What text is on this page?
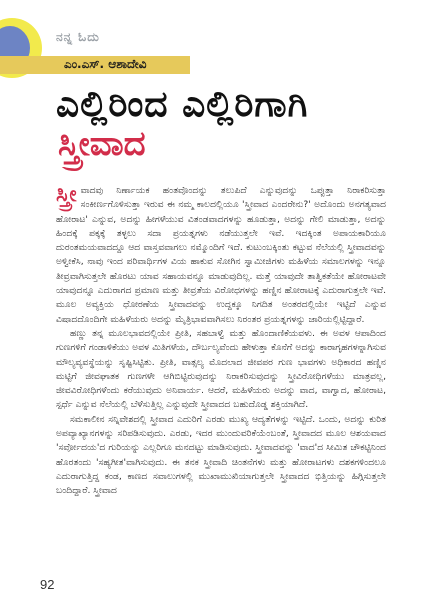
ನನ್ನ ಓದು
ಎಂ.ಎಸ್. ಆಶಾದೇವಿ
ಎಲ್ಲಿರಿಂದ ಎಲ್ಲಿರಿಗಾಗಿ
ಸ್ತ್ರೀವಾದ

ಸ್ತ್ರೀ ವಾದವು ನಿರ್ಣಾಯಕ ಹಂತವೊಂದನ್ನು ತಲುಪಿದೆ ಎನ್ನುವುದನ್ನು ಒಪ್ಪುತ್ತಾ ನಿರಾಕರಿಸುತ್ತಾ ಸಂಕೀರ್ಣಗೊಳಿಸುತ್ತಾ ಇರುವ ಈ ನಮ್ಮ ಕಾಲದಲ್ಲಿಯೂ 'ಸ್ತ್ರೀವಾದ ಎಂದರೇನು?' ಅದೊಂದು ಅನಗತ್ಯವಾದ ಹೋರಾಟ' ಎನ್ನುವ, ಅದನ್ನು ಹೀಗಳೆಯುವ ವಿತಂಡವಾದಗಳನ್ನು ಹೂಡುತ್ತಾ, ಅದನ್ನು ಗೇಲಿ ಮಾಡುತ್ತಾ, ಅದನ್ನು ಹಿಂದಕ್ಕೆ ಪಕ್ಕಕ್ಕೆ ತಳ್ಳಲು ಸದಾ ಪ್ರಯತ್ನಗಳು ನಡೆಯುತ್ತಲೇ ಇವೆ. ಇದಕ್ಕಿಂತ ಅಪಾಯಕಾರಿಯೂ ದುರಂತಮಯವಾದದ್ದೂ ಆದ ವಾಸ್ತವವಾಗಲು ನಮ್ಮೊಂದಿಗೆ ಇದೆ. ಕುಟುಂಬಕ್ಕಿಂತು ಕಟ್ಟುವ ನೆಲೆಯಲ್ಲಿ ಸ್ತ್ರೀವಾದವನ್ನು ಅಳ್ವೀಕೆಸಿ, ನಾವು ಇಂದ ಪರಿವಾರ್ಥಿಗಳ ವಿಯ ಹಾಕುವ ಸೋಗಿನ ಸ್ವಾಮೀಜಿಗಳು ಮಹಿಳೆಯ ಸಮಾಲಗಳನ್ನು ಇನ್ನೂ ತೀವ್ರವಾಗಿಸುತ್ತಲೇ ಹೊರಟು ಯಾವ ಸಹಾಯವನ್ನೂ ಮಾಡುವುದಿಲ್ಲ. ಮತ್ತೆ ಯಾವುದೇ ತಾತ್ವಿಕತೆಯೇ ಹೋರಾಟವೇ ಯಾವುದನ್ನೂ ಎದುರಾಗದ ಪ್ರಮಾಣ ಮತ್ತು ತೀವ್ರತೆಯ ವಿರೋಧಗಳನ್ನು ಹಣ್ಣಿನ ಹೋರಾಟಕ್ಕೆ ಎದುರಾಗುತ್ತಲೇ ಇವೆ. ಮೂಲ ಅವ್ಯಕ್ತಿಯ ಧೋರಣೆಯ ಸ್ತ್ರೀವಾದವನ್ನು ಉದ್ದಕ್ಕೂ ನಿಗದಿತ ಅಂತರದಲ್ಲಿಯೇ ಇಟ್ಟಿದೆ ಎನ್ನುವ ವಿಷಾದದೊಂದಿಗೇ ಮಹಿಳೆಯರು ಅದನ್ನು ಮೈತ್ರಿಭಾವವಾಗಿಸಲು ನಿರಂತರ ಪ್ರಯತ್ನಗಳನ್ನು ಜಾರಿಯಲ್ಲಿಟ್ಟಿದ್ದಾರೆ.

ಹಣ್ಣು ತನ್ನ ಮೂಲಭಾವದಲ್ಲಿಯೇ ಪ್ರೀತಿ, ಸಹಬಾಳ್ವೆ ಮತ್ತು ಹೊಂದಾಣಿಕೆಯವಳು. ಈ ಅವಳ ಆಪಾದಿಂದ ಗುಣಗಳಿಗೆ ಗಂಡಾಳಿಕೆಯು ಅವಳ ಮಿತಿಗಳೆಯ, ದೌರ್ಬಲ್ಯವೆಂದು ಹೇಳುತ್ತಾ ಕೊನೆಗೆ ಅದನ್ನು ಕಾರಾಗೃಹಗಳನ್ನಾಗಿಸುವ ಮೌಲ್ಯವ್ಯವಸ್ಥೆಯನ್ನು ಸೃಷ್ಟಿಸಿಟ್ಟಿತು. ಪ್ರೀತಿ, ವಾತ್ಸಲ್ಯ ಮೊದಲಾದ ಜೀವಪರ ಗುಣ ಭಾವಗಳು ಅಧಿಕಾರದ ಹಣ್ಣಿನ ಮಟ್ಟಿಗೆ ಜೀವಘಾತಕ ಗುಣಗಳೇ ಆಗಿಬಿಟ್ಟಿರುವುದನ್ನು ನಿರಾಕರಿಸುವುದನ್ನು ಸ್ತ್ರೀವಿರೋಧಿಗಳೆಯು ಮಾತ್ರವಲ್ಲ, ಜೀವವಿರೋಧಿಗಳೆಂದು ಕರೆಯುವುದು ಅನಿವಾರ್ಯ. ಆದರೆ, ಮಹಿಳೆಯರು ಅದನ್ನು ವಾದ, ವಾಗ್ವಾದ, ಹೋರಾಟ, ಸ್ಪರ್ಧೆ ಎನ್ನುವ ನೆಲೆಯಲ್ಲಿ ಬೆಳೆಸುತ್ತಿಲ್ಲ ಎನ್ನುವುದೇ ಸ್ತ್ರೀವಾದದ ಬಹುದೊಡ್ಡ ಶಕ್ತಿಯಾಗಿದೆ.

ಸಮಕಾಲೀನ ಸನ್ನಿವೇಶದಲ್ಲಿ ಸ್ತ್ರೀವಾದ ಎದುರಿಗೆ ಎರಡು ಮುಖ್ಯ ಆದ್ಯತೆಗಳನ್ನು ಇಟ್ಟಿದೆ. ಒಂದು, ಅದನ್ನು ಕುರಿತ ಅಪವ್ಯಾಖ್ಯಾನಗಳನ್ನು ಸರಿಪಡಿಸುವುದು. ಎರಡು, ಇದರ ಮುಂದುವರಿಕೆಯೆಂಬಂತೆ, ಸ್ತ್ರೀವಾದದ ಮೂಲ ಆಶಯವಾದ 'ಸರ್ವೋದಯ'ದ ಗುರಿಯನ್ನು ಎಲ್ಲರಿಗೂ ಮನದಟ್ಟು ಮಾಡಿಸುವುದು. ಸ್ತ್ರೀವಾದವನ್ನು 'ವಾದ'ದ ಸೀಮಿತ ಚೌಕಟ್ಟಿನಿಂದ ಹೊರತಂದು 'ಸಹ್ಯಗೀತ'ವಾಗಿಸುವುದು. ಈ ತನಕ ಸ್ತ್ರೀವಾದಿ ಚಿಂತನೆಗಳು ಮತ್ತು ಹೋರಾಟಗಳು ದಶಕಗಳಿಂದಲೂ ಎದುರಾಗುತ್ತಿದ್ದ ಕಂಡ, ಕಾಣದ ಸವಾಲುಗಳಲ್ಲಿ ಮುಖಾಮುಖಿಯಾಗುತ್ತಲೇ ಸ್ತ್ರೀವಾದದ ಭಿತ್ತಿಯನ್ನು ಹಿಗ್ಗಿಸುತ್ತಲೇ ಬಂದಿದ್ದಾರೆ. ಸ್ತ್ರೀವಾದ

92
